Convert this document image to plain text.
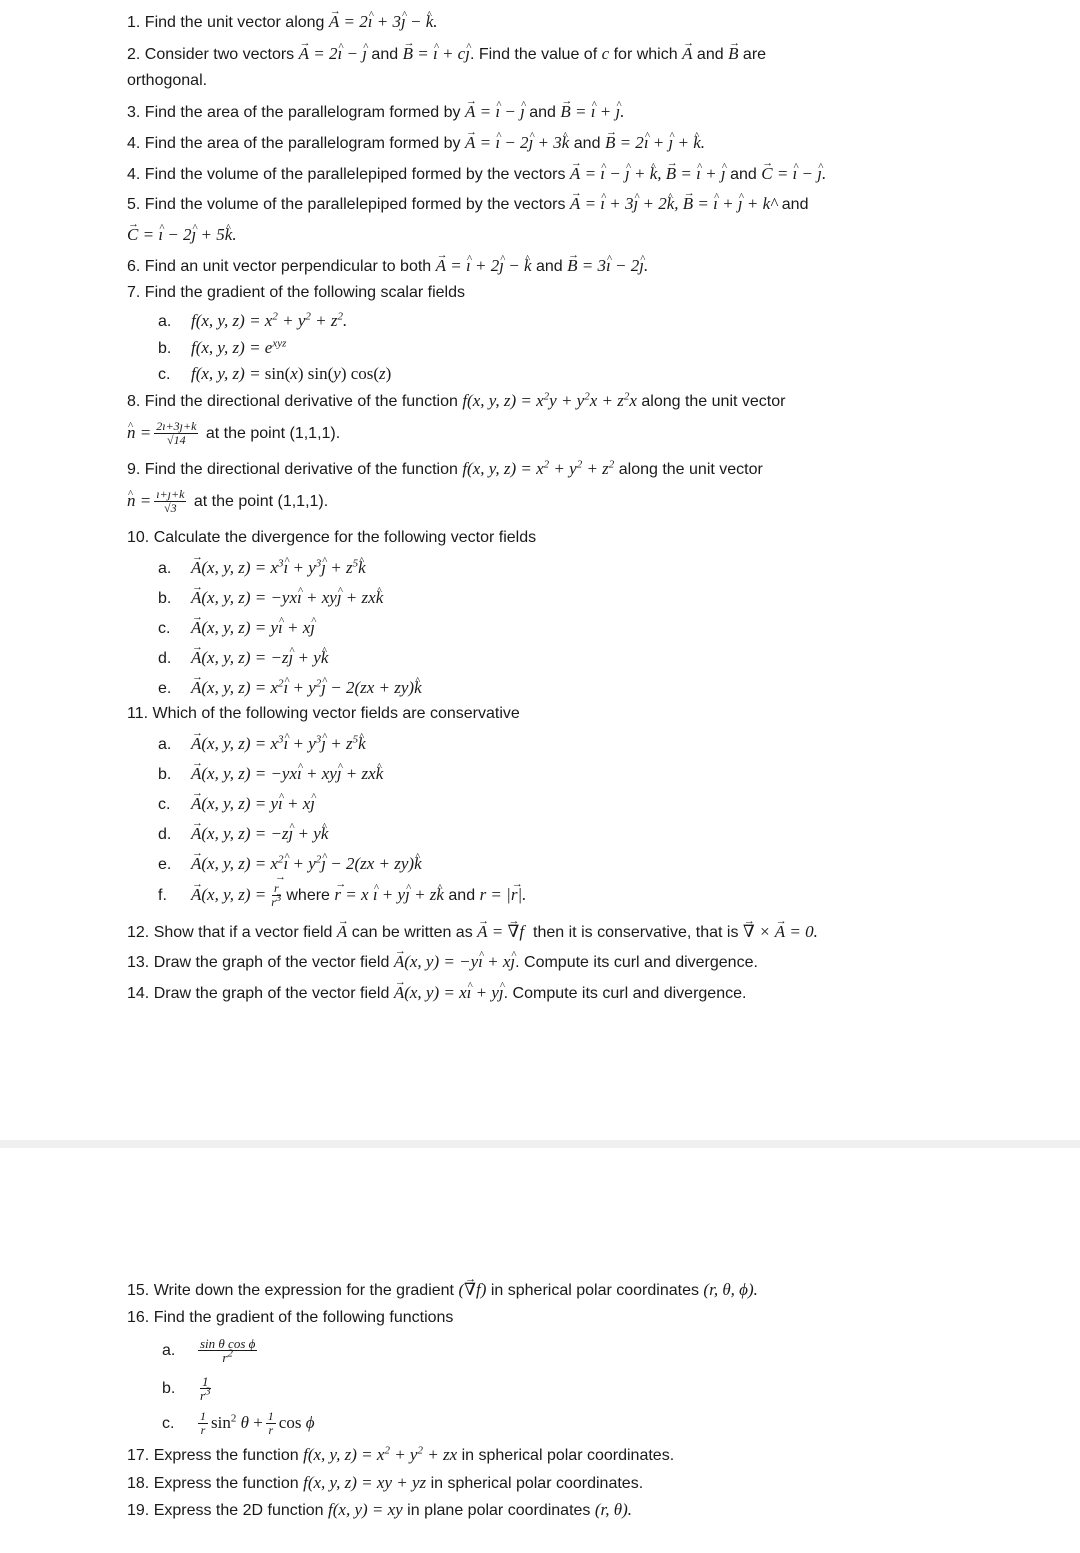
1. Find the unit vector along A → = 2ı ^ + 3ȷ ^ − k ^.
2. Consider two vectors A → = 2ı ^ − ȷ ^ and B → = ı ^ + cȷ ^. Find the value of c for which A → and B → are
orthogonal.
3. Find the area of the parallelogram formed by A → = ı ^ − ȷ ^ and B → = ı ^ + ȷ ^.
4. Find the area of the parallelogram formed by A → = ı ^ − 2ȷ ^ + 3k ^ and B → = 2ı ^ + ȷ ^ + k ^.
4. Find the volume of the parallelepiped formed by the vectors A → = ı ^ − ȷ ^ + k ^, B → = ı ^ + ȷ ^ and C → = ı ^ − ȷ ^.
5. Find the volume of the parallelepiped formed by the vectors A → = ı ^ + 3ȷ ^ + 2k ^, B → = ı ^ + ȷ ^ + k^ and
C → = ı ^ − 2ȷ ^ + 5k ^.
6. Find an unit vector perpendicular to both A → = ı ^ + 2ȷ ^ − k ^ and B → = 3ı ^ − 2ȷ ^.
7. Find the gradient of the following scalar fields
a. f(x, y, $z) = x^2 + y^2 + z^2$.
b. f(x, y, $z) = e^{xyz}$
c. f(x, y, z) = sin(x) sin(y) cos(z)
8. Find the directional derivative of the function f(x, y, $z) = x^2y + y^2x + z^2x$ along the unit vector
n ^ = $\frac{2ı+3ȷ+k}{√14}$ at the point (1,1,1).
9. Find the directional derivative of the function f(x, y, $z) = x^2 + y^2 + z^2$ along the unit vector
n ^ = $\frac{ı+ȷ+k}{√3}$ at the point (1,1,1).
10. Calculate the divergence for the following vector fields
a. A →(x, y, $z) = x^3ı$ ^ + $y^3ȷ$ ^ + $z^5k$ ^
b. A →(x, y, z) = −yxı ^ + xyȷ ^ + zxk ^
c. A →(x, y, z) = yı ^ + xȷ ^
d. A →(x, y, z) = −zȷ ^ + yk ^
e. A →(x, y, $z) = x^2ı$ ^ + $y^2ȷ$ ^ − 2(zx + zy)k ^
11. Which of the following vector fields are conservative
a. A →(x, y, $z) = x^3ı$ ^ + $y^3ȷ$ ^ + $z^5k$ ^
b. A →(x, y, z) = −yxı ^ + xyȷ ^ + zxk ^
c. A →(x, y, z) = yı ^ + xȷ ^
d. A →(x, y, z) = −zȷ ^ + yk ^
e. A →(x, y, $z) = x^2ı$ ^ + $y^2ȷ$ ^ − 2(zx + zy)k ^
f. A →(x, y, $z) = \frac{r \to}{r^3}$ where r → = x ı ^ + yȷ ^ + zk ^ and r = |r →|.
12. Show that if a vector field A → can be written as A → = ∇ →f then it is conservative, that is ∇ → × A → = 0.
13. Draw the graph of the vector field A →(x, y) = −yı ^ + xȷ ^. Compute its curl and divergence.
14. Draw the graph of the vector field A →(x, y) = xı ^ + yȷ ^. Compute its curl and divergence.
15. Write down the expression for the gradient (∇ →f) in spherical polar coordinates (r, θ, ϕ).
16. Find the gradient of the following functions
a. $\frac{\text{sin θ cos ϕ}}{r^2}$
b. $\frac{1}{r^3}$
c. $\frac{1}{r} \sin^2 \theta + \frac{1}{r}$ cos ϕ
17. Express the function f(x, y, $z) = x^2 + y^2$ + zx in spherical polar coordinates.
18. Express the function f(x, y, z) = xy + yz in spherical polar coordinates.
19. Express the 2D function f(x, y) = xy in plane polar coordinates (r, θ).
